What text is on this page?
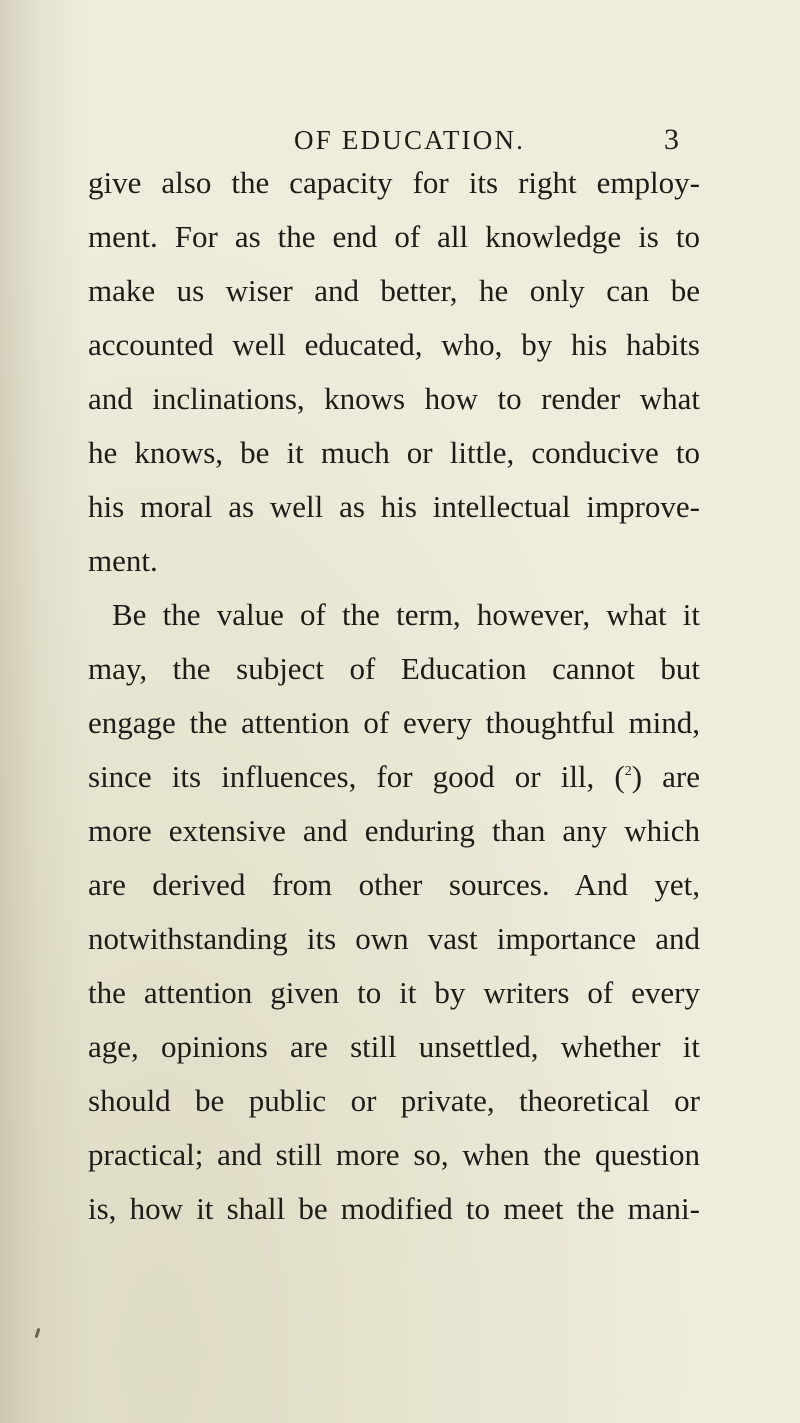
OF EDUCATION.	3
give also the capacity for its right employ-
ment. For as the end of all knowledge is to
make us wiser and better, he only can be
accounted well educated, who, by his habits
and inclinations, knows how to render what
he knows, be it much or little, conducive to
his moral as well as his intellectual improve-
ment.
Be the value of the term, however, what it
may, the subject of Education cannot but
engage the attention of every thoughtful mind,
since its influences, for good or ill, ($^2$) are
more extensive and enduring than any which
are derived from other sources. And yet,
notwithstanding its own vast importance and
the attention given to it by writers of every
age, opinions are still unsettled, whether it
should be public or private, theoretical or
practical; and still more so, when the question
is, how it shall be modified to meet the mani-
